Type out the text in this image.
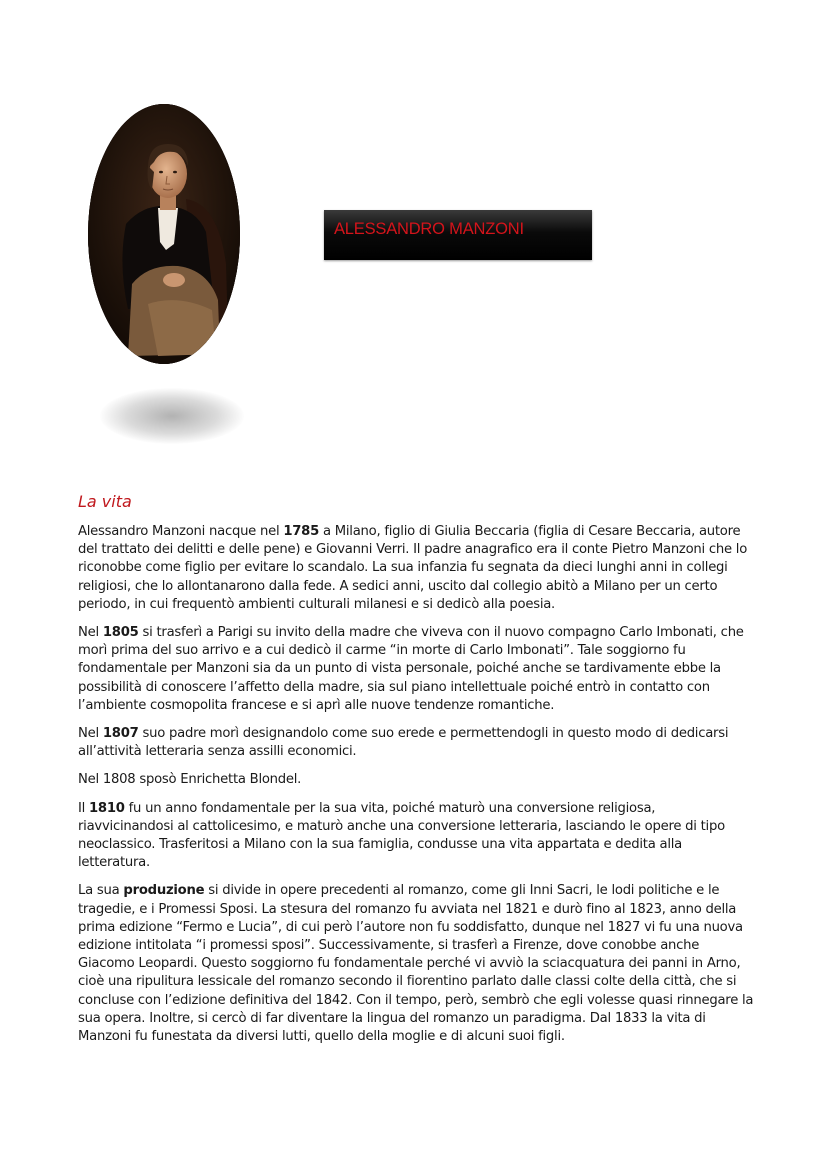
ALESSANDRO MANZONI
La vita

Alessandro Manzoni nacque nel 1785 a Milano, figlio di Giulia Beccaria (figlia di Cesare Beccaria, autore del trattato dei delitti e delle pene) e Giovanni Verri. Il padre anagrafico era il conte Pietro Manzoni che lo riconobbe come figlio per evitare lo scandalo. La sua infanzia fu segnata da dieci lunghi anni in collegi religiosi, che lo allontanarono dalla fede. A sedici anni, uscito dal collegio abitò a Milano per un certo periodo, in cui frequentò ambienti culturali milanesi e si dedicò alla poesia.

Nel 1805 si trasferì a Parigi su invito della madre che viveva con il nuovo compagno Carlo Imbonati, che morì prima del suo arrivo e a cui dedicò il carme “in morte di Carlo Imbonati”. Tale soggiorno fu fondamentale per Manzoni sia da un punto di vista personale, poiché anche se tardivamente ebbe la possibilità di conoscere l’affetto della madre, sia sul piano intellettuale poiché entrò in contatto con l’ambiente cosmopolita francese e si aprì alle nuove tendenze romantiche.

Nel 1807 suo padre morì designandolo come suo erede e permettendogli in questo modo di dedicarsi all’attività letteraria senza assilli economici.

Nel 1808 sposò Enrichetta Blondel.

Il 1810 fu un anno fondamentale per la sua vita, poiché maturò una conversione religiosa, riavvicinandosi al cattolicesimo, e maturò anche una conversione letteraria, lasciando le opere di tipo neoclassico. Trasferitosi a Milano con la sua famiglia, condusse una vita appartata e dedita alla letteratura.

La sua produzione si divide in opere precedenti al romanzo, come gli Inni Sacri, le lodi politiche e le tragedie, e i Promessi Sposi. La stesura del romanzo fu avviata nel 1821 e durò fino al 1823, anno della prima edizione “Fermo e Lucia”, di cui però l’autore non fu soddisfatto, dunque nel 1827 vi fu una nuova edizione intitolata “i promessi sposi”. Successivamente, si trasferì a Firenze, dove conobbe anche Giacomo Leopardi. Questo soggiorno fu fondamentale perché vi avviò la sciacquatura dei panni in Arno, cioè una ripulitura lessicale del romanzo secondo il fiorentino parlato dalle classi colte della città, che si concluse con l’edizione definitiva del 1842. Con il tempo, però, sembrò che egli volesse quasi rinnegare la sua opera. Inoltre, si cercò di far diventare la lingua del romanzo un paradigma. Dal 1833 la vita di Manzoni fu funestata da diversi lutti, quello della moglie e di alcuni suoi figli.
